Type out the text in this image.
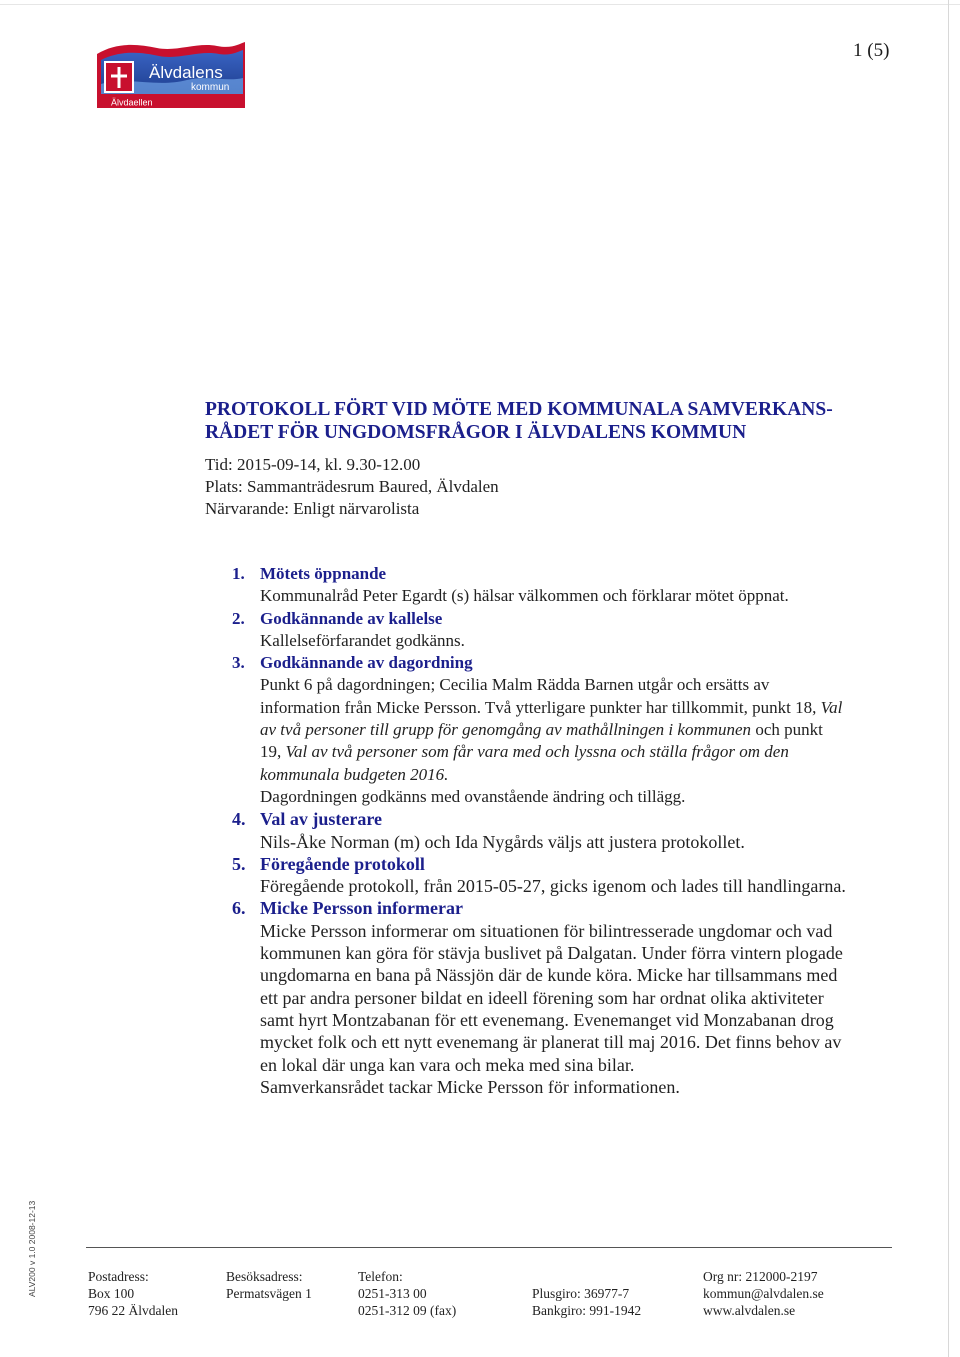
Älvdalens
kommun
Älvdaellen
1 (5)
PROTOKOLL FÖRT VID MÖTE MED KOMMUNALA SAMVERKANS-
RÅDET FÖR UNGDOMSFRÅGOR I ÄLVDALENS KOMMUN
Tid: 2015-09-14, kl. 9.30-12.00
Plats: Sammanträdesrum Baured, Älvdalen
Närvarande: Enligt närvarolista
1. Mötets öppnande
Kommunalråd Peter Egardt (s) hälsar välkommen och förklarar mötet öppnat.
2. Godkännande av kallelse
Kallelseförfarandet godkänns.
3. Godkännande av dagordning

Punkt 6 på dagordningen; Cecilia Malm Rädda Barnen utgår och ersätts av information från Micke Persson. Två ytterligare punkter har tillkommit, punkt 18, Val av två personer till grupp för genomgång av mathållningen i kommunen och punkt 19, Val av två personer som får vara med och lyssna och ställa frågor om den kommunala budgeten 2016.

Dagordningen godkänns med ovanstående ändring och tillägg.

4. Val av justerare
Nils-Åke Norman (m) och Ida Nygårds väljs att justera protokollet.
5. Föregående protokoll
Föregående protokoll, från 2015-05-27, gicks igenom och lades till handlingarna.
6. Micke Persson informerar

Micke Persson informerar om situationen för bilintresserade ungdomar och vad kommunen kan göra för stävja buslivet på Dalgatan. Under förra vintern plogade ungdomarna en bana på Nässjön där de kunde köra. Micke har tillsammans med ett par andra personer bildat en ideell förening som har ordnat olika aktiviteter samt hyrt Montzabanan för ett evenemang. Evenemanget vid Monzabanan drog mycket folk och ett nytt evenemang är planerat till maj 2016. Det finns behov av en lokal där unga kan vara och meka med sina bilar.

Samverkansrådet tackar Micke Persson för informationen.

ALV200 v 1.0 2008-12-13	Postadress:
Box 100
796 22 Älvdalen
Besöksadress:
Permatsvägen 1
Telefon:
0251-313 00
0251-312 09 (fax)
Plusgiro: 36977-7
Bankgiro: 991-1942
Org nr: 212000-2197
kommun@alvdalen.se
www.alvdalen.se
